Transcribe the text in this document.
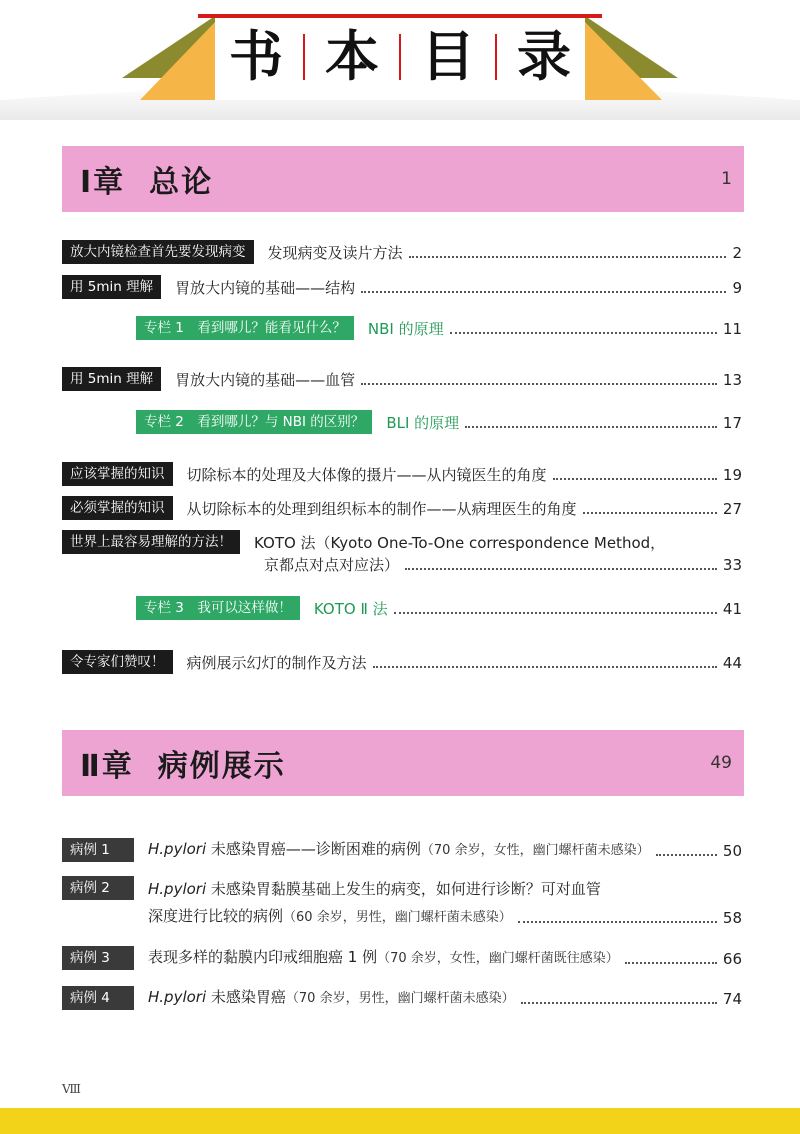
书 本 目 录
Ⅰ章 总论	1
放大内镜检查首先要发现病变	发现病变及读片方法	2
用 5min 理解	胃放大内镜的基础——结构	9
专栏 1　看到哪儿？能看见什么？	NBI 的原理	11
用 5min 理解	胃放大内镜的基础——血管	13
专栏 2　看到哪儿？与 NBI 的区别？	BLI 的原理	17
应该掌握的知识	切除标本的处理及大体像的摄片——从内镜医生的角度	19
必须掌握的知识	从切除标本的处理到组织标本的制作——从病理医生的角度	27
世界上最容易理解的方法！	KOTO 法（Kyoto One-To-One correspondence Method，
京都点对点对应法）	33
专栏 3　我可以这样做！	KOTO Ⅱ 法	41
令专家们赞叹！	病例展示幻灯的制作及方法	44
Ⅱ章 病例展示	49
病例 1	H.pylori 未感染胃癌——诊断困难的病例（70 余岁，女性，幽门螺杆菌未感染）	50
病例 2	H.pylori 未感染胃黏膜基础上发生的病变，如何进行诊断？可对血管
深度进行比较的病例（60 余岁，男性，幽门螺杆菌未感染）	58
病例 3	表现多样的黏膜内印戒细胞癌 1 例（70 余岁，女性，幽门螺杆菌既往感染）	66
病例 4	H.pylori 未感染胃癌（70 余岁，男性，幽门螺杆菌未感染）	74
Ⅷ
